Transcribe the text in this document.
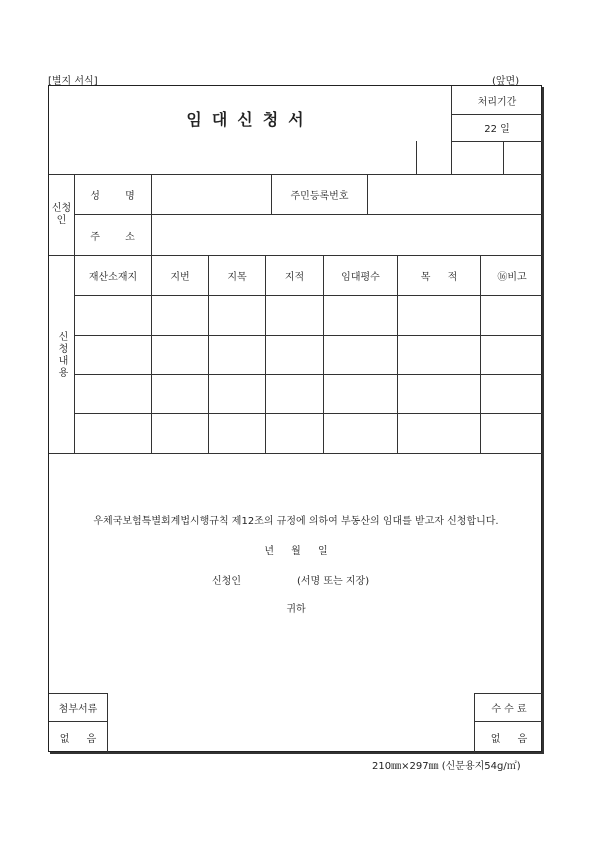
[별지 서식]	(앞면)
임대신청서
처리기간
22 일
신청인
성 명	주민등록번호
주 소
신청내용
재산소재지	지번	지목	지적	임대평수	목 적	⑯비고
우체국보험특별회계법시행규칙 제12조의 규정에 의하여 부동산의 임대를 받고자 신청합니다.
년 월 일
신청인	(서명 또는 지장)
귀하
첨부서류
없 음
수 수 료
없 음
210㎜×297㎜ (신문용지54g/㎡)
